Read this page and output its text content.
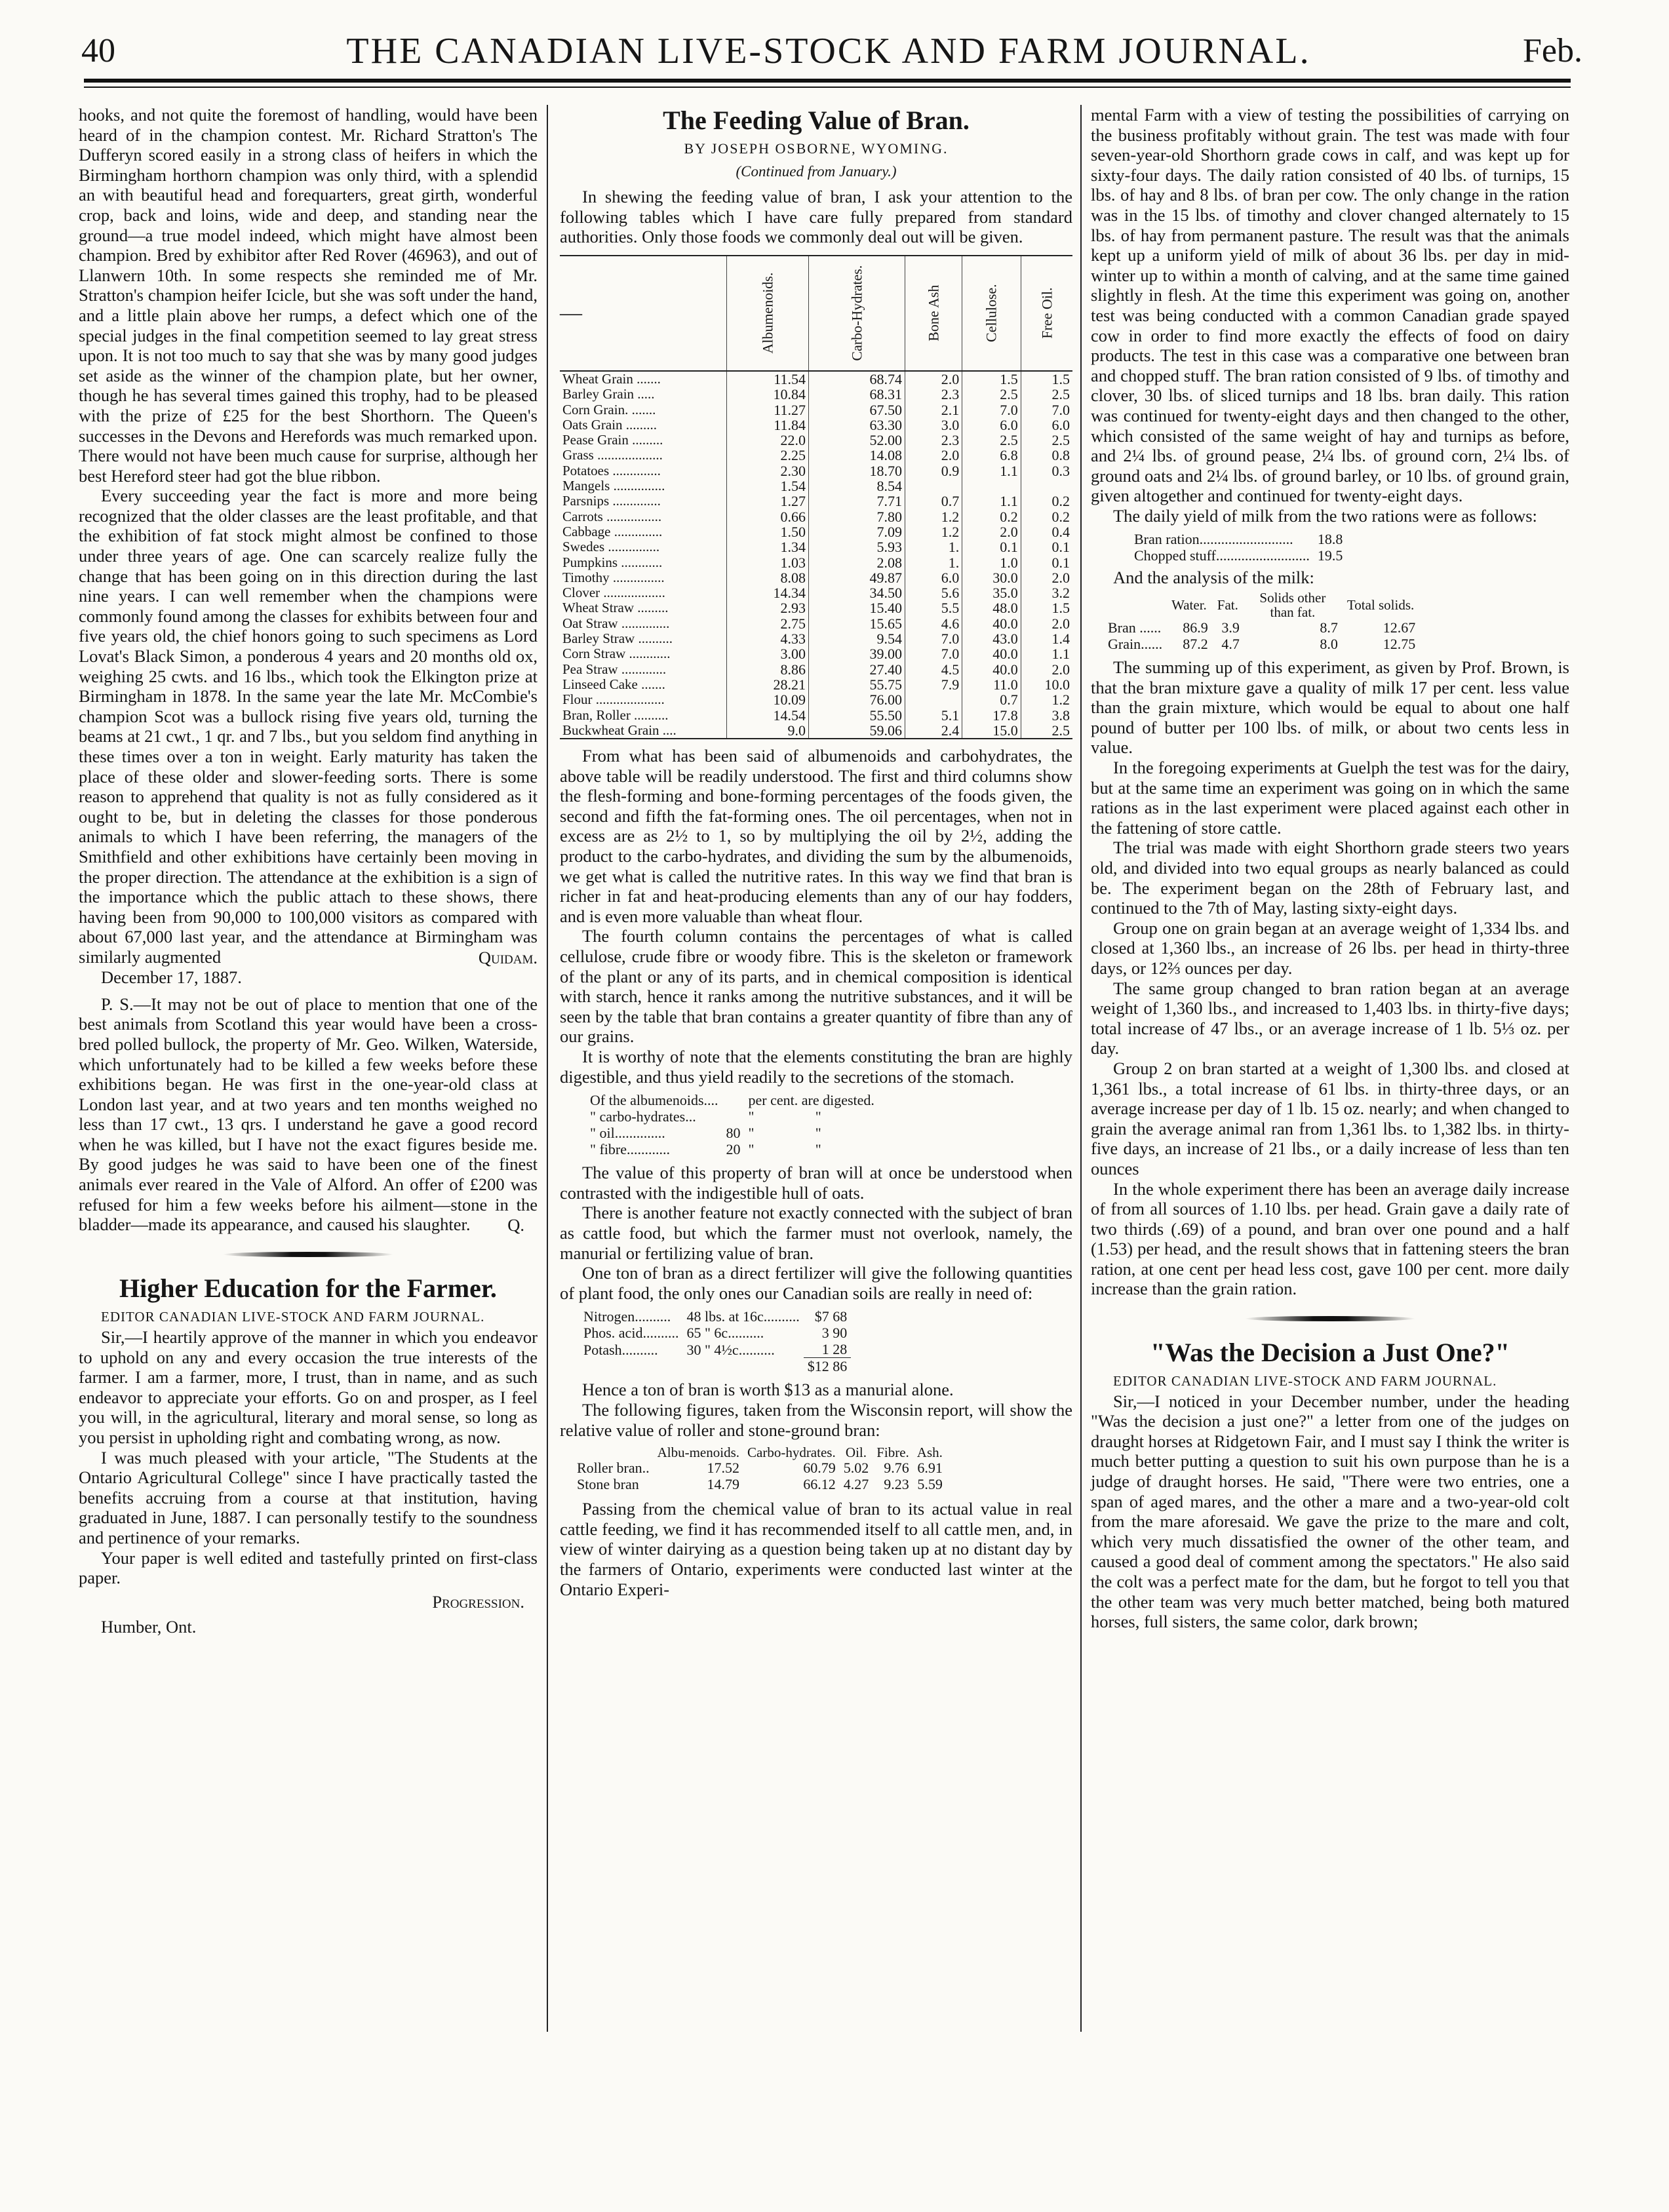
40	THE CANADIAN LIVE-STOCK AND FARM JOURNAL.	Feb.

hooks, and not quite the foremost of handling, would have been heard of in the champion contest. Mr. Richard Stratton's The Dufferyn scored easily in a strong class of heifers in which the Birmingham horthorn champion was only third, with a splendid an with beautiful head and forequarters, great girth, wonderful crop, back and loins, wide and deep, and standing near the ground—a true model indeed, which might have almost been champion. Bred by exhibitor after Red Rover (46963), and out of Llanwern 10th. In some respects she reminded me of Mr. Stratton's champion heifer Icicle, but she was soft under the hand, and a little plain above her rumps, a defect which one of the special judges in the final competition seemed to lay great stress upon. It is not too much to say that she was by many good judges set aside as the winner of the champion plate, but her owner, though he has several times gained this trophy, had to be pleased with the prize of £25 for the best Shorthorn. The Queen's successes in the Devons and Herefords was much remarked upon. There would not have been much cause for surprise, although her best Hereford steer had got the blue ribbon.

Every succeeding year the fact is more and more being recognized that the older classes are the least profitable, and that the exhibition of fat stock might almost be confined to those under three years of age. One can scarcely realize fully the change that has been going on in this direction during the last nine years. I can well remember when the champions were commonly found among the classes for exhibits between four and five years old, the chief honors going to such specimens as Lord Lovat's Black Simon, a ponderous 4 years and 20 months old ox, weighing 25 cwts. and 16 lbs., which took the Elkington prize at Birmingham in 1878. In the same year the late Mr. McCombie's champion Scot was a bullock rising five years old, turning the beams at 21 cwt., 1 qr. and 7 lbs., but you seldom find anything in these times over a ton in weight. Early maturity has taken the place of these older and slower-feeding sorts. There is some reason to apprehend that quality is not as fully considered as it ought to be, but in deleting the classes for those ponderous animals to which I have been referring, the managers of the Smithfield and other exhibitions have certainly been moving in the proper direction. The attendance at the exhibition is a sign of the importance which the public attach to these shows, there having been from 90,000 to 100,000 visitors as compared with about 67,000 last year, and the attendance at Birmingham was similarly augmented	Quidam.

December 17, 1887.

P. S.—It may not be out of place to mention that one of the best animals from Scotland this year would have been a cross-bred polled bullock, the property of Mr. Geo. Wilken, Waterside, which unfortunately had to be killed a few weeks before these exhibitions began. He was first in the one-year-old class at London last year, and at two years and ten months weighed no less than 17 cwt., 13 qrs. I understand he gave a good record when he was killed, but I have not the exact figures beside me. By good judges he was said to have been one of the finest animals ever reared in the Vale of Alford. An offer of £200 was refused for him a few weeks before his ailment—stone in the bladder—made its appearance, and caused his slaughter.	Q.

Higher Education for the Farmer.

EDITOR CANADIAN LIVE-STOCK AND FARM JOURNAL.

Sir,—I heartily approve of the manner in which you endeavor to uphold on any and every occasion the true interests of the farmer. I am a farmer, more, I trust, than in name, and as such endeavor to appreciate your efforts. Go on and prosper, as I feel you will, in the agricultural, literary and moral sense, so long as you persist in upholding right and combating wrong, as now.

I was much pleased with your article, "The Students at the Ontario Agricultural College" since I have practically tasted the benefits accruing from a course at that institution, having graduated in June, 1887. I can personally testify to the soundness and pertinence of your remarks.

Your paper is well edited and tastefully printed on first-class paper.

Progression.

Humber, Ont.

The Feeding Value of Bran.
BY JOSEPH OSBORNE, WYOMING.
(Continued from January.)

In shewing the feeding value of bran, I ask your attention to the following tables which I have care fully prepared from standard authorities. Only those foods we commonly deal out will be given.

—	Albumenoids.	Carbo-Hydrates.	Bone Ash	Cellulose.	Free Oil.
Wheat Grain .......	11.54	68.74	2.0	1.5	1.5
Barley Grain .....	10.84	68.31	2.3	2.5	2.5
Corn Grain. .......	11.27	67.50	2.1	7.0	7.0
Oats Grain .........	11.84	63.30	3.0	6.0	6.0
Pease Grain .........	22.0	52.00	2.3	2.5	2.5
Grass ...................	2.25	14.08	2.0	6.8	0.8
Potatoes ..............	2.30	18.70	0.9	1.1	0.3
Mangels ...............	1.54	8.54			
Parsnips ..............	1.27	7.71	0.7	1.1	0.2
Carrots ................	0.66	7.80	1.2	0.2	0.2
Cabbage ..............	1.50	7.09	1.2	2.0	0.4
Swedes ...............	1.34	5.93	1.	0.1	0.1
Pumpkins ............	1.03	2.08	1.	1.0	0.1
Timothy ...............	8.08	49.87	6.0	30.0	2.0
Clover ..................	14.34	34.50	5.6	35.0	3.2
Wheat Straw .........	2.93	15.40	5.5	48.0	1.5
Oat Straw ..............	2.75	15.65	4.6	40.0	2.0
Barley Straw ..........	4.33	9.54	7.0	43.0	1.4
Corn Straw ............	3.00	39.00	7.0	40.0	1.1
Pea Straw .............	8.86	27.40	4.5	40.0	2.0
Linseed Cake .......	28.21	55.75	7.9	11.0	10.0
Flour ....................	10.09	76.00		0.7	1.2
Bran, Roller ..........	14.54	55.50	5.1	17.8	3.8
Buckwheat Grain ....	9.0	59.06	2.4	15.0	2.5

From what has been said of albumenoids and carbohydrates, the above table will be readily understood. The first and third columns show the flesh-forming and bone-forming percentages of the foods given, the second and fifth the fat-forming ones. The oil percentages, when not in excess are as 2½ to 1, so by multiplying the oil by 2½, adding the product to the carbo-hydrates, and dividing the sum by the albumenoids, we get what is called the nutritive rates. In this way we find that bran is richer in fat and heat-producing elements than any of our hay fodders, and is even more valuable than wheat flour.

The fourth column contains the percentages of what is called cellulose, crude fibre or woody fibre. This is the skeleton or framework of the plant or any of its parts, and in chemical composition is identical with starch, hence it ranks among the nutritive substances, and it will be seen by the table that bran contains a greater quantity of fibre than any of our grains.

It is worthy of note that the elements constituting the bran are highly digestible, and thus yield readily to the secretions of the stomach.

Of the albumenoids....		per cent. are digested.	
" carbo-hydrates...		"	"
" oil..............	80	"	"
" fibre............	20	"	"

The value of this property of bran will at once be understood when contrasted with the indigestible hull of oats.

There is another feature not exactly connected with the subject of bran as cattle food, but which the farmer must not overlook, namely, the manurial or fertilizing value of bran.

One ton of bran as a direct fertilizer will give the following quantities of plant food, the only ones our Canadian soils are really in need of:

Nitrogen..........	48 lbs. at 16c..........	$7 68
Phos. acid..........	65 " 6c..........	3 90
Potash..........	30 " 4½c..........	1 28
		$12 86

Hence a ton of bran is worth $13 as a manurial alone.

The following figures, taken from the Wisconsin report, will show the relative value of roller and stone-ground bran:

	Albu-menoids.	Carbo-hydrates.	Oil.	Fibre.	Ash.
Roller bran..	17.52	60.79	5.02	9.76	6.91
Stone bran	14.79	66.12	4.27	9.23	5.59

Passing from the chemical value of bran to its actual value in real cattle feeding, we find it has recommended itself to all cattle men, and, in view of winter dairying as a question being taken up at no distant day by the farmers of Ontario, experiments were conducted last winter at the Ontario Experi-

mental Farm with a view of testing the possibilities of carrying on the business profitably without grain. The test was made with four seven-year-old Shorthorn grade cows in calf, and was kept up for sixty-four days. The daily ration consisted of 40 lbs. of turnips, 15 lbs. of hay and 8 lbs. of bran per cow. The only change in the ration was in the 15 lbs. of timothy and clover changed alternately to 15 lbs. of hay from permanent pasture. The result was that the animals kept up a uniform yield of milk of about 36 lbs. per day in mid-winter up to within a month of calving, and at the same time gained slightly in flesh. At the time this experiment was going on, another test was being conducted with a common Canadian grade spayed cow in order to find more exactly the effects of food on dairy products. The test in this case was a comparative one between bran and chopped stuff. The bran ration consisted of 9 lbs. of timothy and clover, 30 lbs. of sliced turnips and 18 lbs. bran daily. This ration was continued for twenty-eight days and then changed to the other, which consisted of the same weight of hay and turnips as before, and 2¼ lbs. of ground pease, 2¼ lbs. of ground corn, 2¼ lbs. of ground oats and 2¼ lbs. of ground barley, or 10 lbs. of ground grain, given altogether and continued for twenty-eight days.

The daily yield of milk from the two rations were as follows:

Bran ration..........................	18.8
Chopped stuff..........................	19.5

And the analysis of the milk:

	Water.	Fat.	Solids other than fat.	Total solids.
Bran ......	86.9	3.9	8.7	12.67
Grain......	87.2	4.7	8.0	12.75

The summing up of this experiment, as given by Prof. Brown, is that the bran mixture gave a quality of milk 17 per cent. less value than the grain mixture, which would be equal to about one half pound of butter per 100 lbs. of milk, or about two cents less in value.

In the foregoing experiments at Guelph the test was for the dairy, but at the same time an experiment was going on in which the same rations as in the last experiment were placed against each other in the fattening of store cattle.

The trial was made with eight Shorthorn grade steers two years old, and divided into two equal groups as nearly balanced as could be. The experiment began on the 28th of February last, and continued to the 7th of May, lasting sixty-eight days.

Group one on grain began at an average weight of 1,334 lbs. and closed at 1,360 lbs., an increase of 26 lbs. per head in thirty-three days, or 12⅔ ounces per day.

The same group changed to bran ration began at an average weight of 1,360 lbs., and increased to 1,403 lbs. in thirty-five days; total increase of 47 lbs., or an average increase of 1 lb. 5⅓ oz. per day.

Group 2 on bran started at a weight of 1,300 lbs. and closed at 1,361 lbs., a total increase of 61 lbs. in thirty-three days, or an average increase per day of 1 lb. 15 oz. nearly; and when changed to grain the average animal ran from 1,361 lbs. to 1,382 lbs. in thirty-five days, an increase of 21 lbs., or a daily increase of less than ten ounces

In the whole experiment there has been an average daily increase of from all sources of 1.10 lbs. per head. Grain gave a daily rate of two thirds (.69) of a pound, and bran over one pound and a half (1.53) per head, and the result shows that in fattening steers the bran ration, at one cent per head less cost, gave 100 per cent. more daily increase than the grain ration.

"Was the Decision a Just One?"

EDITOR CANADIAN LIVE-STOCK AND FARM JOURNAL.

Sir,—I noticed in your December number, under the heading "Was the decision a just one?" a letter from one of the judges on draught horses at Ridgetown Fair, and I must say I think the writer is much better putting a question to suit his own purpose than he is a judge of draught horses. He said, "There were two entries, one a span of aged mares, and the other a mare and a two-year-old colt from the mare aforesaid. We gave the prize to the mare and colt, which very much dissatisfied the owner of the other team, and caused a good deal of comment among the spectators." He also said the colt was a perfect mate for the dam, but he forgot to tell you that the other team was very much better matched, being both matured horses, full sisters, the same color, dark brown;
